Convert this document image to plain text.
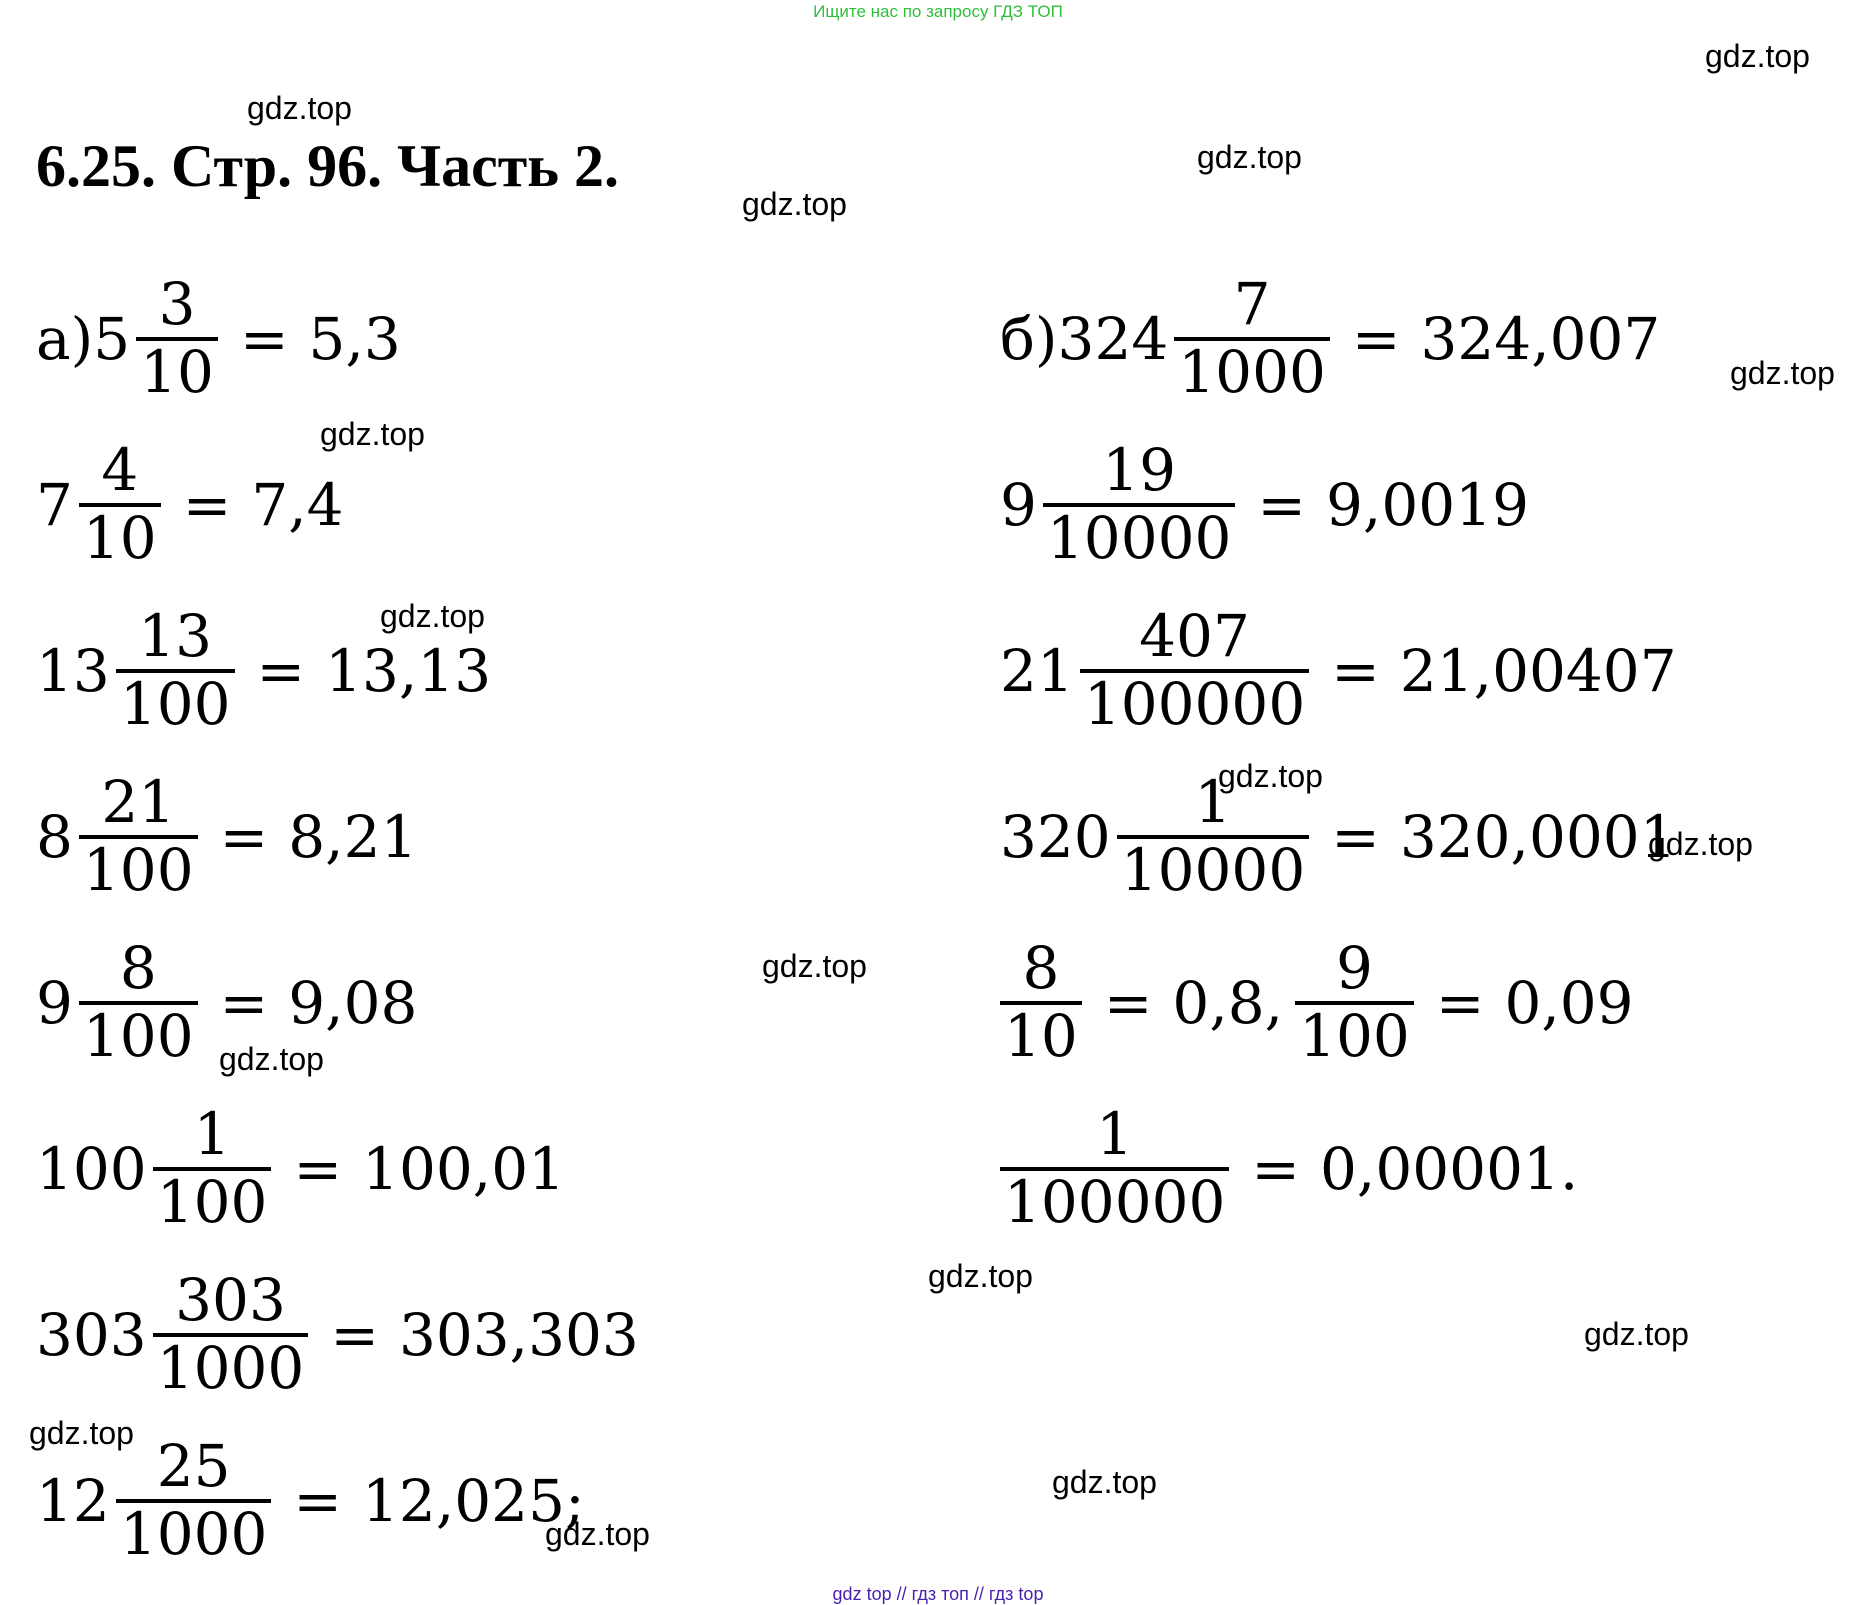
Ищите нас по запросу ГДЗ ТОП
6.25. Стр. 96. Часть 2.
gdz.top
gdz.top
gdz.top
gdz.top
gdz.top
gdz.top
gdz.top
gdz.top
gdz.top
gdz.top
gdz.top
gdz.top
gdz.top
gdz.top
gdz.top
gdz.top
а) $5 \frac{3}{10} = 5,3$
$7 \frac{4}{10} = 7,4$
$13 \frac{13}{100} = 13,13$
$8 \frac{21}{100} = 8,21$
$9 \frac{8}{100} = 9,08$
$100 \frac{1}{100} = 100,01$
$303 \frac{303}{1000} = 303,303$
$12 \frac{25}{1000} = 12,025$;
б) $324 \frac{7}{1000} = 324,007$
$9 \frac{19}{10000} = 9,0019$
$21 \frac{407}{100000} = 21,00407$
$320 \frac{1}{10000} = 320,0001$
$\frac{8}{10} = 0,8$, $\frac{9}{100} = 0,09$
$\frac{1}{100000} = 0,00001$.
gdz top // гдз топ // гдз top
